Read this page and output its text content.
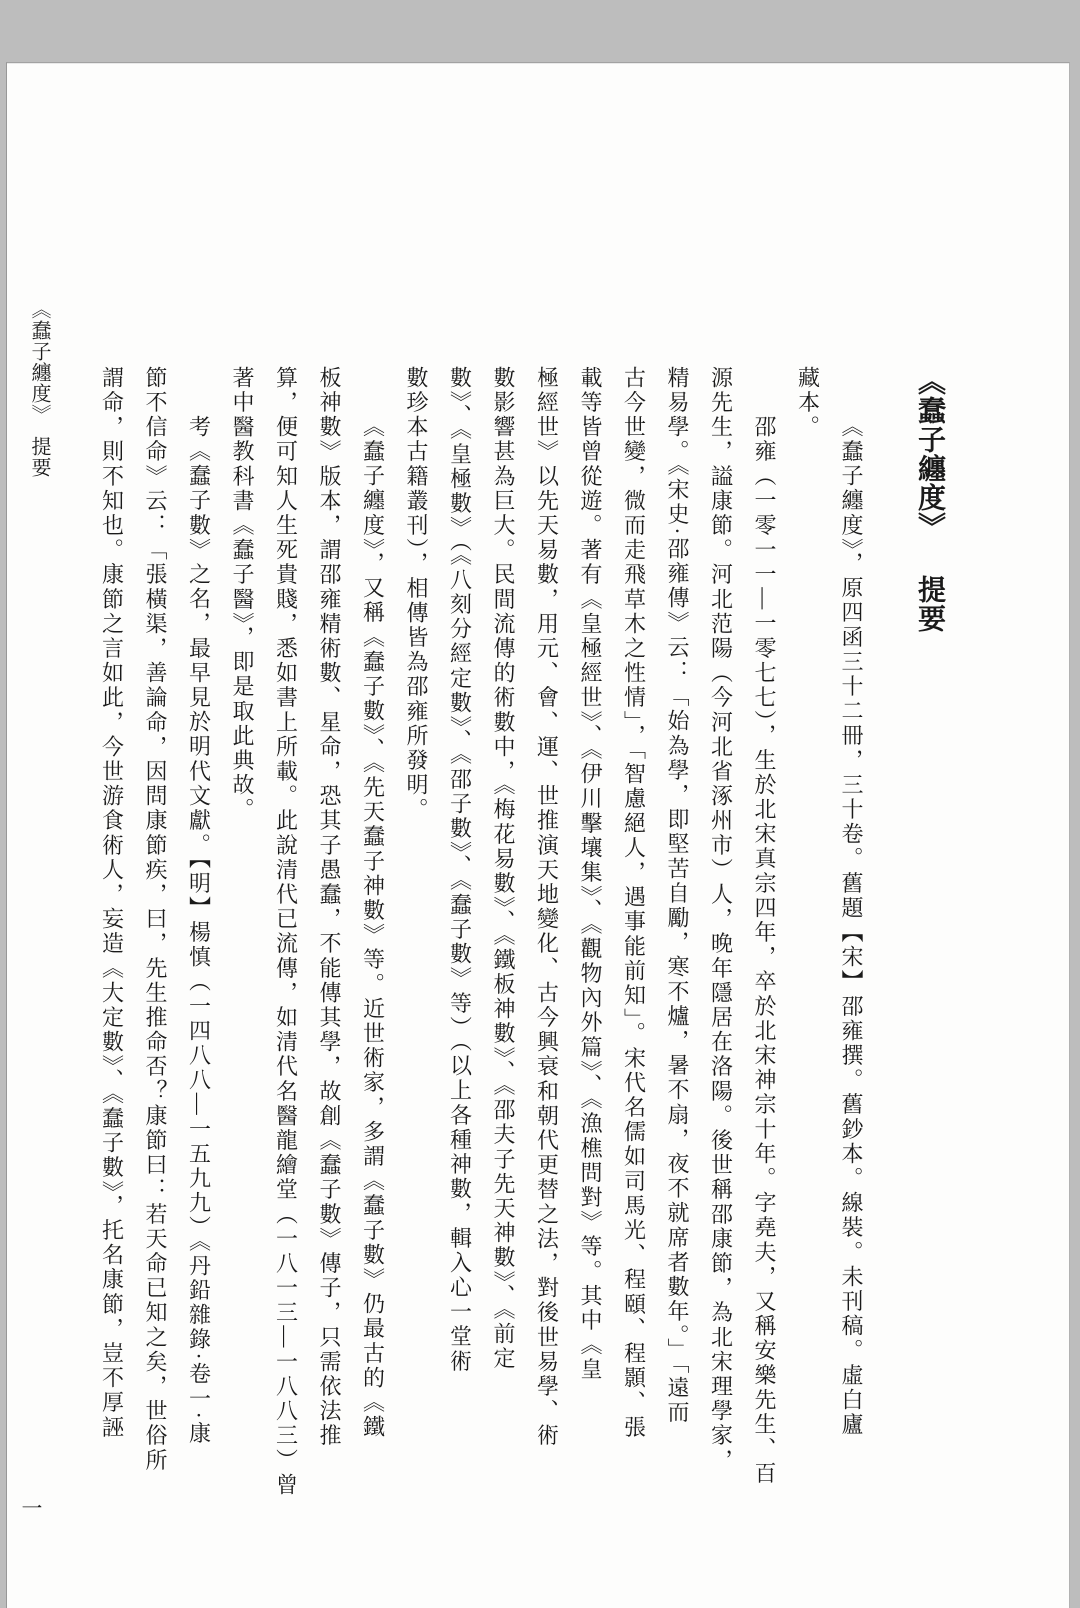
《蠢子纏度》提要	《蠢子纏度》提要
《蠢子纏度》，原四函三十二冊，三十卷。舊題【宋】邵雍撰。舊鈔本。線裝。未刊稿。虛白廬
藏本。
邵雍（一零一一—一零七七），生於北宋真宗四年，卒於北宋神宗十年。字堯夫，又稱安樂先生、百
源先生，謚康節。河北范陽（今河北省涿州市）人，晚年隱居在洛陽。後世稱邵康節，為北宋理學家，
精易學。《宋史·邵雍傳》云：「始為學，即堅苦自勵，寒不爐，暑不扇，夜不就席者數年。」「遠而
古今世變，微而走飛草木之性情」，「智慮絕人，遇事能前知」。宋代名儒如司馬光、程頤、程顥、張
載等皆曾從遊。著有《皇極經世》、《伊川擊壤集》、《觀物內外篇》、《漁樵問對》等。其中《皇
極經世》以先天易數，用元、會、運、世推演天地變化、古今興衰和朝代更替之法，對後世易學、術
數影響甚為巨大。民間流傳的術數中，《梅花易數》、《鐵板神數》、《邵夫子先天神數》、《前定
數》、《皇極數》（《八刻分經定數》、《邵子數》、《蠢子數》等）（以上各種神數，輯入心一堂術
數珍本古籍叢刊），相傳皆為邵雍所發明。
《蠢子纏度》，又稱《蠢子數》、《先天蠢子神數》等。近世術家，多謂《蠢子數》仍最古的《鐵
板神數》版本，謂邵雍精術數、星命，恐其子愚蠢，不能傳其學，故創《蠢子數》傳子，只需依法推
算，便可知人生死貴賤，悉如書上所載。此說清代已流傳，如清代名醫龍繪堂（一八一三—一八八三）曾
著中醫教科書《蠢子醫》，即是取此典故。
考《蠢子數》之名，最早見於明代文獻。【明】楊慎（一四八八—一五九九）《丹鉛雜錄·卷一·康
節不信命》云：「張橫渠，善論命，因問康節疾，曰，先生推命否？康節曰：若天命已知之矣，世俗所
謂命，則不知也。康節之言如此，今世游食術人，妄造《大定數》、《蠢子數》，托名康節，豈不厚誣
一
